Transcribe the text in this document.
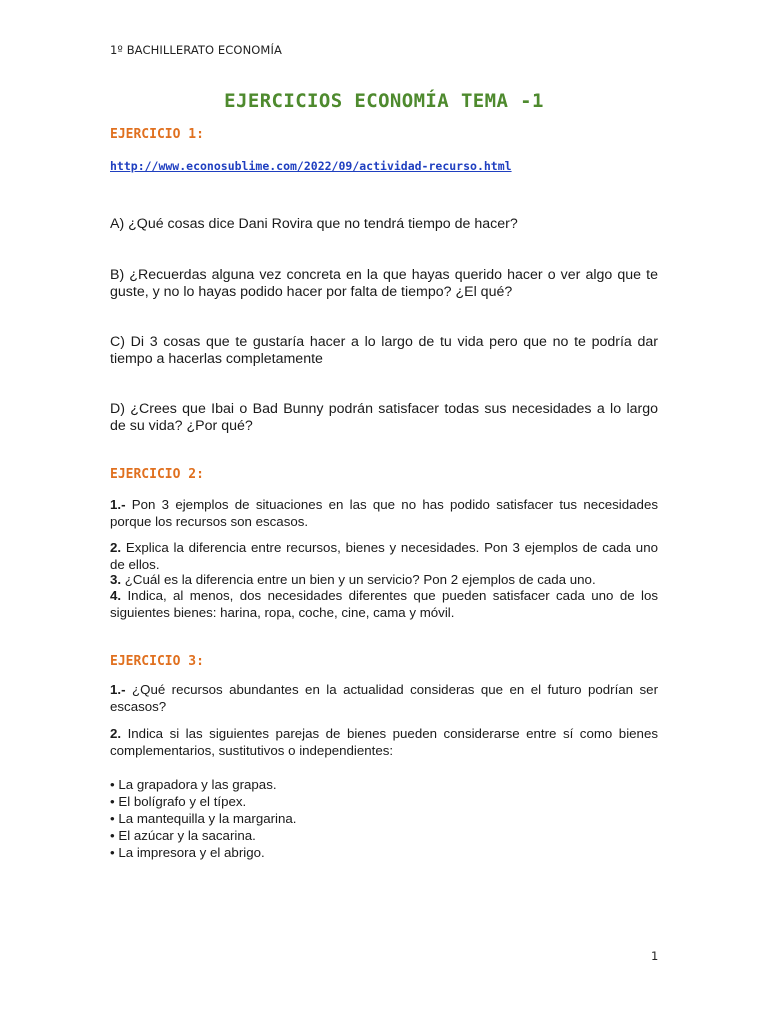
1º BACHILLERATO ECONOMÍA
EJERCICIOS ECONOMÍA TEMA -1
EJERCICIO 1:
http://www.econosublime.com/2022/09/actividad-recurso.html
A) ¿Qué cosas dice Dani Rovira que no tendrá tiempo de hacer?
B) ¿Recuerdas alguna vez concreta en la que hayas querido hacer o ver algo que te guste, y no lo hayas podido hacer por falta de tiempo? ¿El qué?
C) Di 3 cosas que te gustaría hacer a lo largo de tu vida pero que no te podría dar tiempo a hacerlas completamente
D) ¿Crees que Ibai o Bad Bunny podrán satisfacer todas sus necesidades a lo largo de su vida? ¿Por qué?
EJERCICIO 2:
1.- Pon 3 ejemplos de situaciones en las que no has podido satisfacer tus necesidades porque los recursos son escasos.
2. Explica la diferencia entre recursos, bienes y necesidades. Pon 3 ejemplos de cada uno de ellos.
3. ¿Cuál es la diferencia entre un bien y un servicio? Pon 2 ejemplos de cada uno.
4. Indica, al menos, dos necesidades diferentes que pueden satisfacer cada uno de los siguientes bienes: harina, ropa, coche, cine, cama y móvil.
EJERCICIO 3:
1.- ¿Qué recursos abundantes en la actualidad consideras que en el futuro podrían ser escasos?
2. Indica si las siguientes parejas de bienes pueden considerarse entre sí como bienes complementarios, sustitutivos o independientes:
• La grapadora y las grapas.
• El bolígrafo y el típex.
• La mantequilla y la margarina.
• El azúcar y la sacarina.
• La impresora y el abrigo.
1
